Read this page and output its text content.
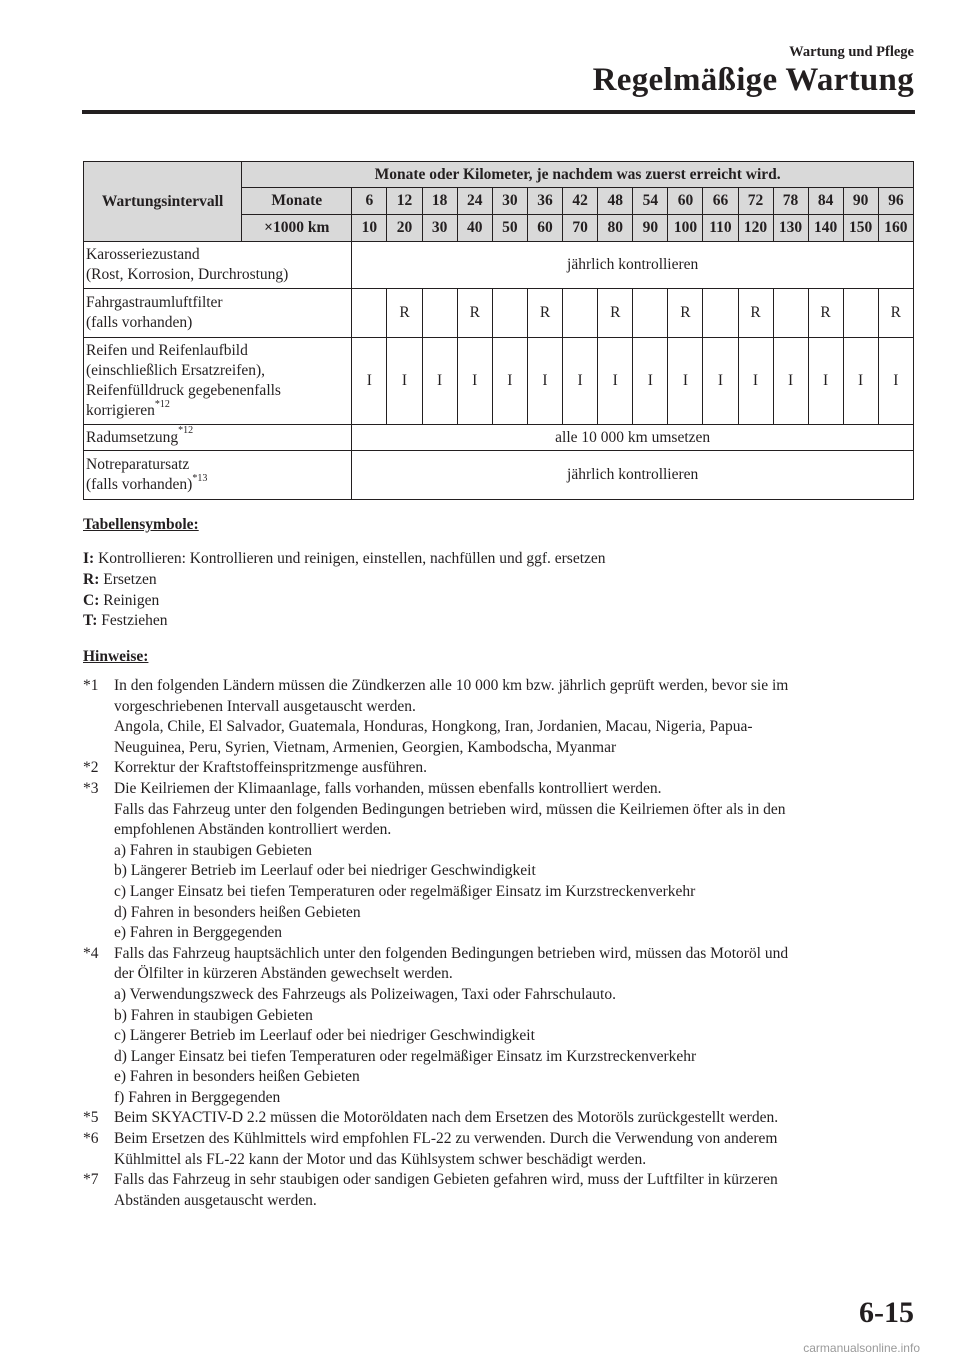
Wartung und Pflege
Regelmäßige Wartung
Wartungsintervall	Monate oder Kilometer, je nachdem was zuerst erreicht wird.																
	Monate	6	12	18	24	30	36	42	48	54	60	66	72	78	84	90	96
	×1000 km	10	20	30	40	50	60	70	80	90	100	110	120	130	140	150	160

Karosseriezustand
(Rost, Korrosion, Durchrostung)		jährlich kontrollieren															

Fahrgastraumluftfilter
(falls vorhanden)			R		R		R		R		R		R		R		R

Reifen und Reifenlaufbild
(einschließlich Ersatzreifen),
Reifenfülldruck gegebenenfalls
korrigieren$^{*12}$		I	I	I	I	I	I	I	I	I	I	I	I	I	I	I	I

Radumsetzung$^{*12}$		alle 10 000 km umsetzen															

Notreparatursatz
(falls vorhanden)$^{*13}$		jährlich kontrollieren															
Tabellensymbole:
I: Kontrollieren: Kontrollieren und reinigen, einstellen, nachfüllen und ggf. ersetzen
R: Ersetzen
C: Reinigen
T: Festziehen
Hinweise:
*1 In den folgenden Ländern müssen die Zündkerzen alle 10 000 km bzw. jährlich geprüft werden, bevor sie im
vorgeschriebenen Intervall ausgetauscht werden.
Angola, Chile, El Salvador, Guatemala, Honduras, Hongkong, Iran, Jordanien, Macau, Nigeria, Papua-
Neuguinea, Peru, Syrien, Vietnam, Armenien, Georgien, Kambodscha, Myanmar
*2 Korrektur der Kraftstoffeinspritzmenge ausführen.
*3 Die Keilriemen der Klimaanlage, falls vorhanden, müssen ebenfalls kontrolliert werden.
Falls das Fahrzeug unter den folgenden Bedingungen betrieben wird, müssen die Keilriemen öfter als in den
empfohlenen Abständen kontrolliert werden.
a) Fahren in staubigen Gebieten
b) Längerer Betrieb im Leerlauf oder bei niedriger Geschwindigkeit
c) Langer Einsatz bei tiefen Temperaturen oder regelmäßiger Einsatz im Kurzstreckenverkehr
d) Fahren in besonders heißen Gebieten
e) Fahren in Berggegenden
*4 Falls das Fahrzeug hauptsächlich unter den folgenden Bedingungen betrieben wird, müssen das Motoröl und
der Ölfilter in kürzeren Abständen gewechselt werden.
a) Verwendungszweck des Fahrzeugs als Polizeiwagen, Taxi oder Fahrschulauto.
b) Fahren in staubigen Gebieten
c) Längerer Betrieb im Leerlauf oder bei niedriger Geschwindigkeit
d) Langer Einsatz bei tiefen Temperaturen oder regelmäßiger Einsatz im Kurzstreckenverkehr
e) Fahren in besonders heißen Gebieten
f) Fahren in Berggegenden
*5 Beim SKYACTIV-D 2.2 müssen die Motoröldaten nach dem Ersetzen des Motoröls zurückgestellt werden.
*6 Beim Ersetzen des Kühlmittels wird empfohlen FL-22 zu verwenden. Durch die Verwendung von anderem
Kühlmittel als FL-22 kann der Motor und das Kühlsystem schwer beschädigt werden.
*7 Falls das Fahrzeug in sehr staubigen oder sandigen Gebieten gefahren wird, muss der Luftfilter in kürzeren
Abständen ausgetauscht werden.
6-15
carmanualsonline.info
